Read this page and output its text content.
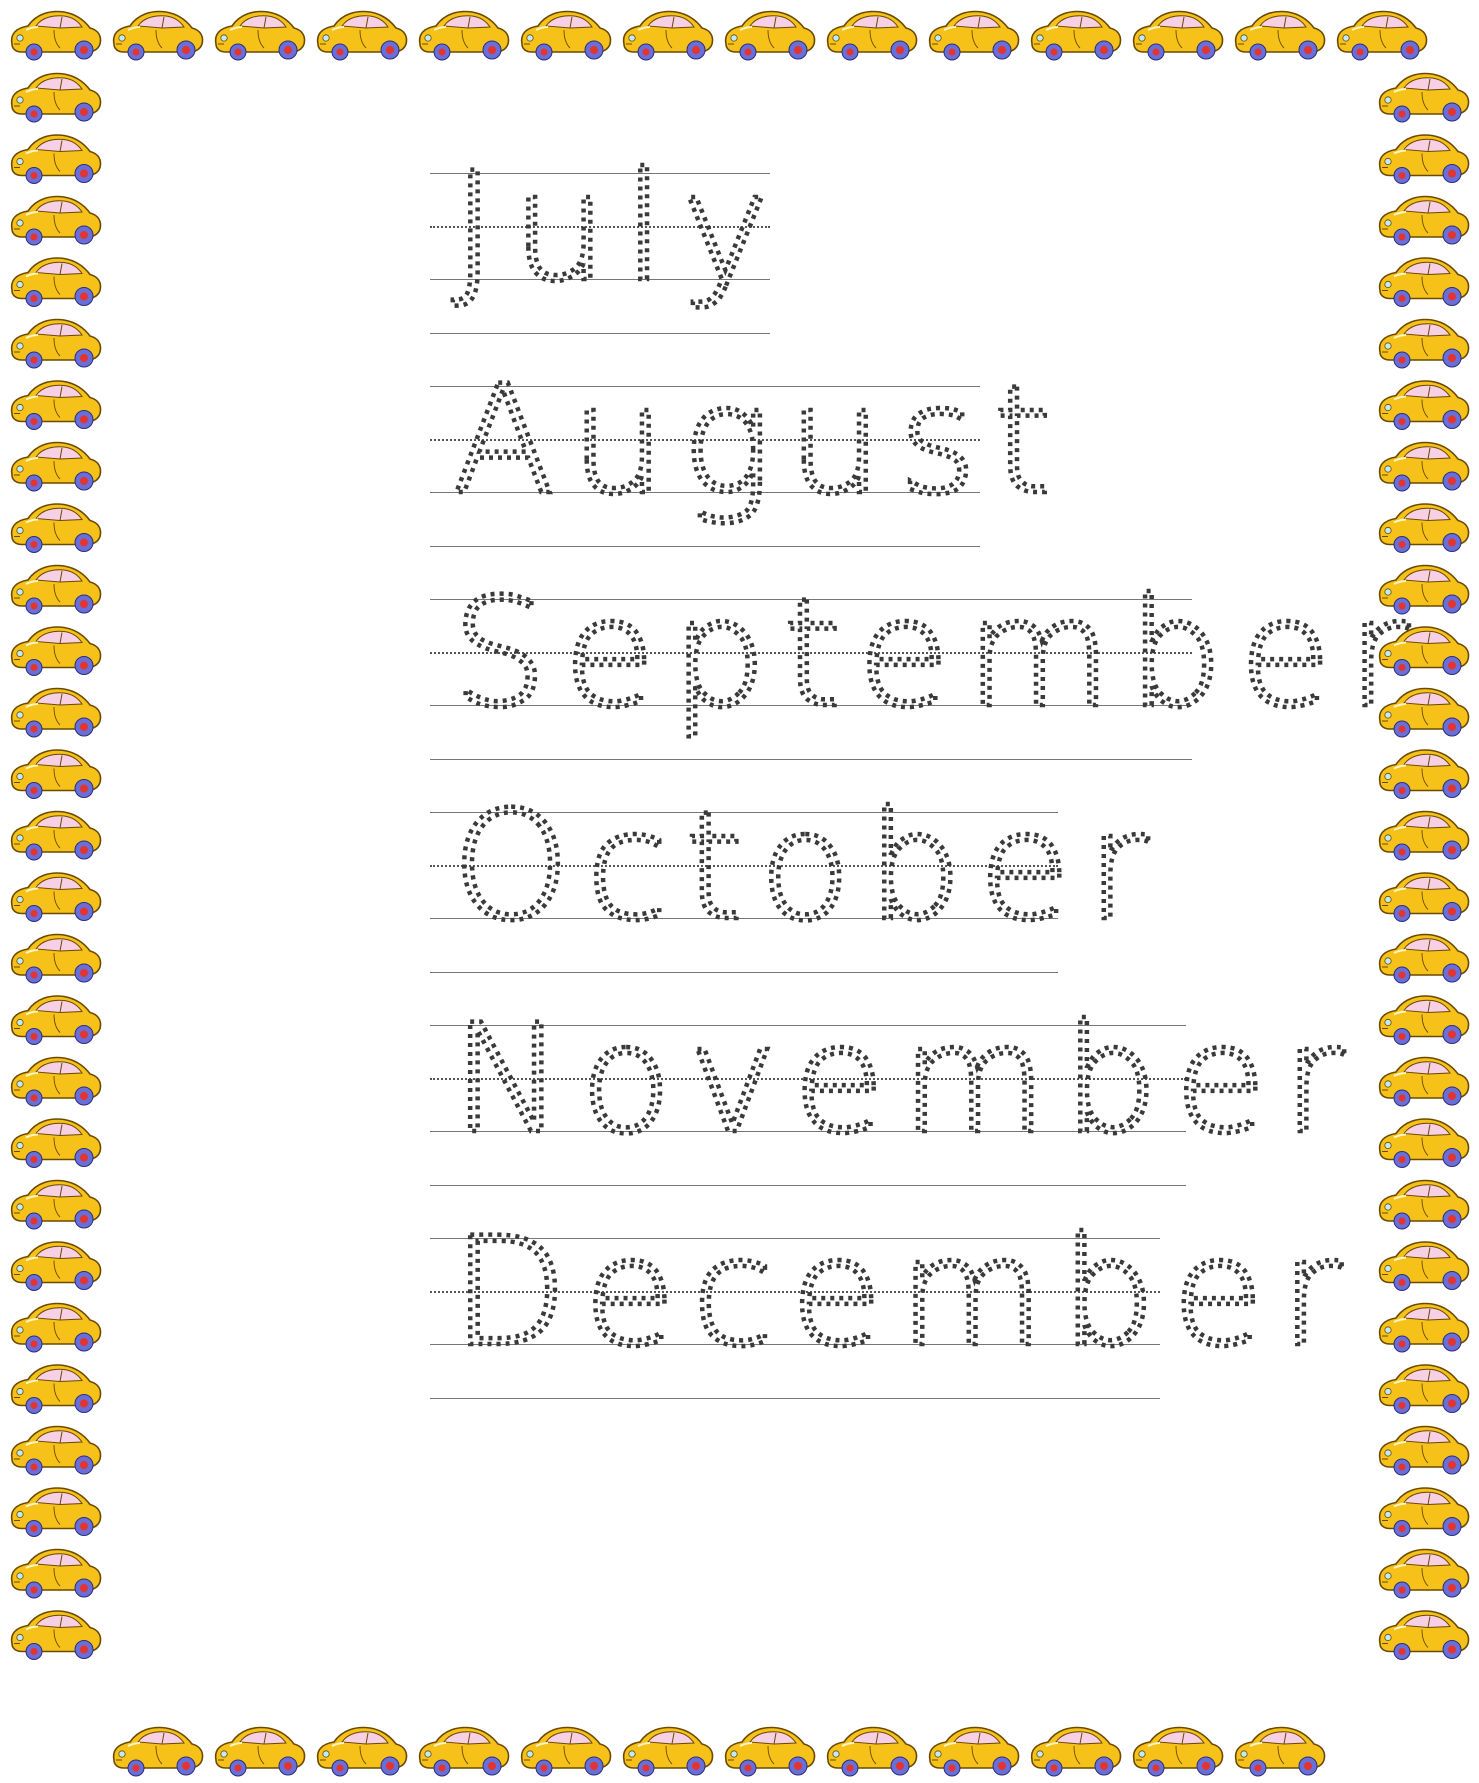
July
August
September
October
November
December
